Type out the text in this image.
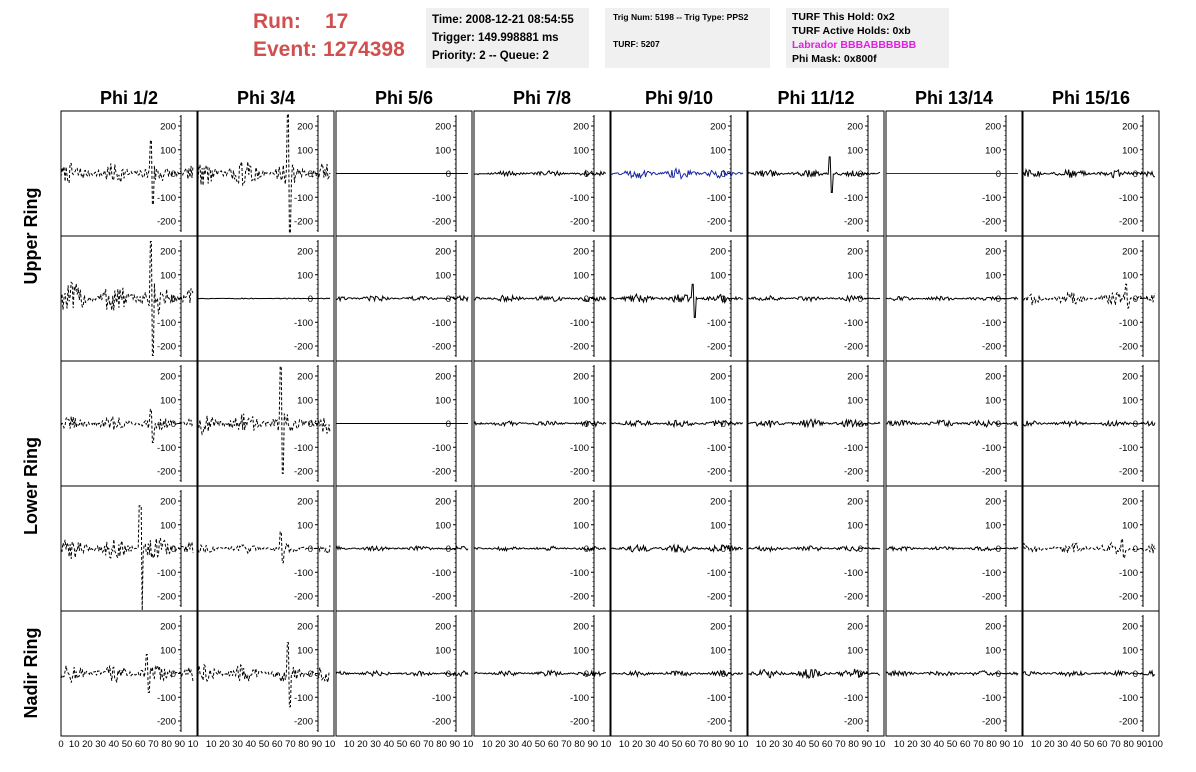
Run: 17
Event: 1274398
Time: 2008-12-21 08:54:55
Trigger: 149.998881 ms
Priority: 2 -- Queue: 2
Trig Num: 5198 -- Trig Type: PPS2
TURF: 5207
TURF This Hold: 0x2
TURF Active Holds: 0xb
Labrador BBBABBBBBB
Phi Mask: 0x800f
Phi 1/2	Phi 3/4	Phi 5/6	Phi 7/8	Phi 9/10	Phi 11/12	Phi 13/14	Phi 15/16
Upper Ring
Lower Ring
Nadir Ring
200
100
0
-100
-200
200
100
0
-100
-200
200
100
0
-100
-200
200
100
0
-100
-200
200
100
0
-100
-200
200
100
0
-100
-200
200
100
0
-100
-200
200
100
0
-100
-200
200
100
0
-100
-200
200
100
0
-100
-200
200
100
0
-100
-200
200
100
0
-100
-200
200
100
0
-100
-200
200
100
0
-100
-200
200
100
0
-100
-200
200
100
0
-100
-200
200
100
0
-100
-200
200
100
0
-100
-200
200
100
0
-100
-200
200
100
0
-100
-200
200
100
0
-100
-200
200
100
0
-100
-200
200
100
0
-100
-200
200
100
0
-100
-200
200
100
0
-100
-200
200
100
0
-100
-200
200
100
0
-100
-200
200
100
0
-100
-200
200
100
0
-100
-200
200
100
0
-100
-200
200
100
0
-100
-200
200
100
0
-100
-200
200
100
0
-100
-200
200
100
0
-100
-200
200
100
0
-100
-200
200
100
0
-100
-200
200
100
0
-100
-200
200
100
0
-100
-200
200
100
0
-100
-200
200
100
0
-100
-200
0 10 20 30 40 50 60 70 80 90 10 10 20 30 40 50 60 70 80 90 10 10 20 30 40 50 60 70 80 90 10 10 20 30 40 50 60 70 80 90 10 10 20 30 40 50 60 70 80 90 10 10 20 30 40 50 60 70 80 90 10 10 20 30 40 50 60 70 80 90 10 10 20 30 40 50 60 70 80 90 100
